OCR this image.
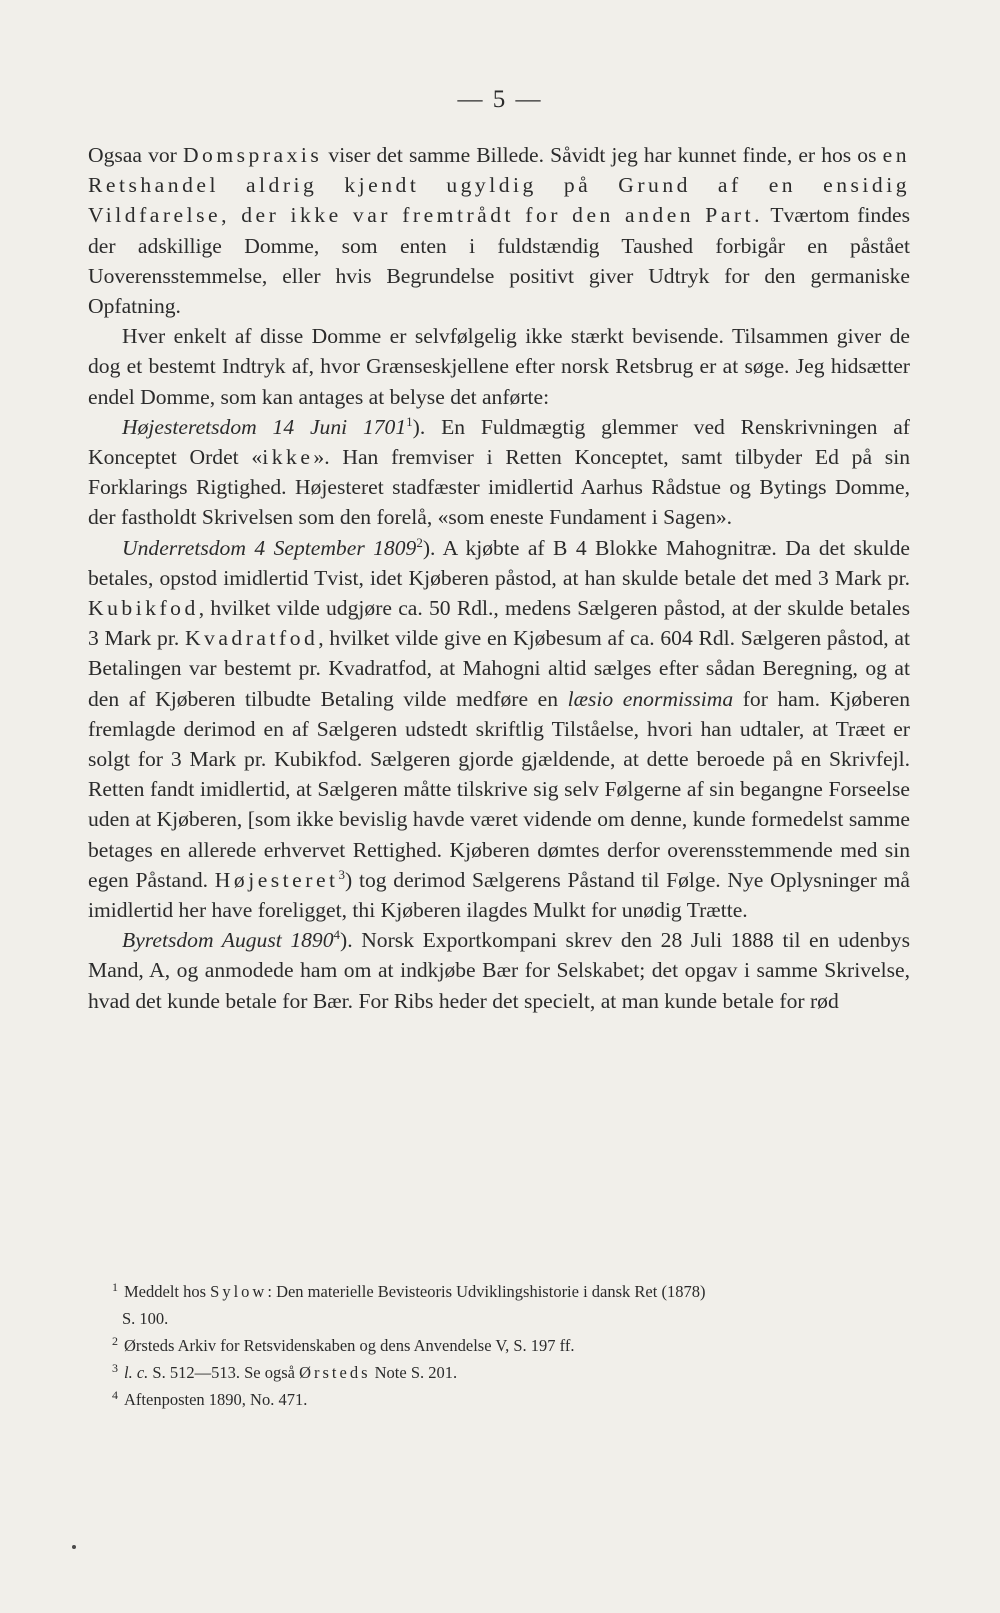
— 5 —

Ogsaa vor Domspraxis viser det samme Billede. Såvidt jeg har kunnet finde, er hos os en Retshandel aldrig kjendt ugyldig på Grund af en ensidig Vildfarelse, der ikke var fremtrådt for den anden Part. Tværtom findes der adskillige Domme, som enten i fuldstændig Taushed forbigår en påstået Uoverensstemmelse, eller hvis Begrundelse positivt giver Udtryk for den germaniske Opfatning.

Hver enkelt af disse Domme er selvfølgelig ikke stærkt bevisende. Tilsammen giver de dog et bestemt Indtryk af, hvor Grænseskjellene efter norsk Retsbrug er at søge. Jeg hidsætter endel Domme, som kan antages at belyse det anførte:

Højesteretsdom 14 Juni 1701$^1$). En Fuldmægtig glemmer ved Renskrivningen af Konceptet Ordet «ikke». Han fremviser i Retten Konceptet, samt tilbyder Ed på sin Forklarings Rigtighed. Højesteret stadfæster imidlertid Aarhus Rådstue og Bytings Domme, der fastholdt Skrivelsen som den forelå, «som eneste Fundament i Sagen».

Underretsdom 4 September 1809$^2$). A kjøbte af B 4 Blokke Mahognitræ. Da det skulde betales, opstod imidlertid Tvist, idet Kjøberen påstod, at han skulde betale det med 3 Mark pr. Kubikfod, hvilket vilde udgjøre ca. 50 Rdl., medens Sælgeren påstod, at der skulde betales 3 Mark pr. Kvadratfod, hvilket vilde give en Kjøbesum af ca. 604 Rdl. Sælgeren påstod, at Betalingen var bestemt pr. Kvadratfod, at Mahogni altid sælges efter sådan Beregning, og at den af Kjøberen tilbudte Betaling vilde medføre en læsio enormissima for ham. Kjøberen fremlagde derimod en af Sælgeren udstedt skriftlig Tilståelse, hvori han udtaler, at Træet er solgt for 3 Mark pr. Kubikfod. Sælgeren gjorde gjældende, at dette beroede på en Skrivfejl. Retten fandt imidlertid, at Sælgeren måtte tilskrive sig selv Følgerne af sin begangne Forseelse uden at Kjøberen, [som ikke bevislig havde været vidende om denne, kunde formedelst samme betages en allerede erhvervet Rettighed. Kjøberen dømtes derfor overensstemmende med sin egen Påstand. Højesteret$^3$) tog derimod Sælgerens Påstand til Følge. Nye Oplysninger må imidlertid her have foreligget, thi Kjøberen ilagdes Mulkt for unødig Trætte.

Byretsdom August 1890$^4$). Norsk Exportkompani skrev den 28 Juli 1888 til en udenbys Mand, A, og anmodede ham om at indkjøbe Bær for Selskabet; det opgav i samme Skrivelse, hvad det kunde betale for Bær. For Ribs heder det specielt, at man kunde betale for rød

$^1$ Meddelt hos Sylow: Den materielle Bevisteoris Udviklingshistorie i dansk Ret (1878)
S. 100.

$^2$ Ørsteds Arkiv for Retsvidenskaben og dens Anvendelse V, S. 197 ff.

$^3$ l. c. S. 512—513. Se også Ørsteds Note S. 201.

$^4$ Aftenposten 1890, No. 471.
